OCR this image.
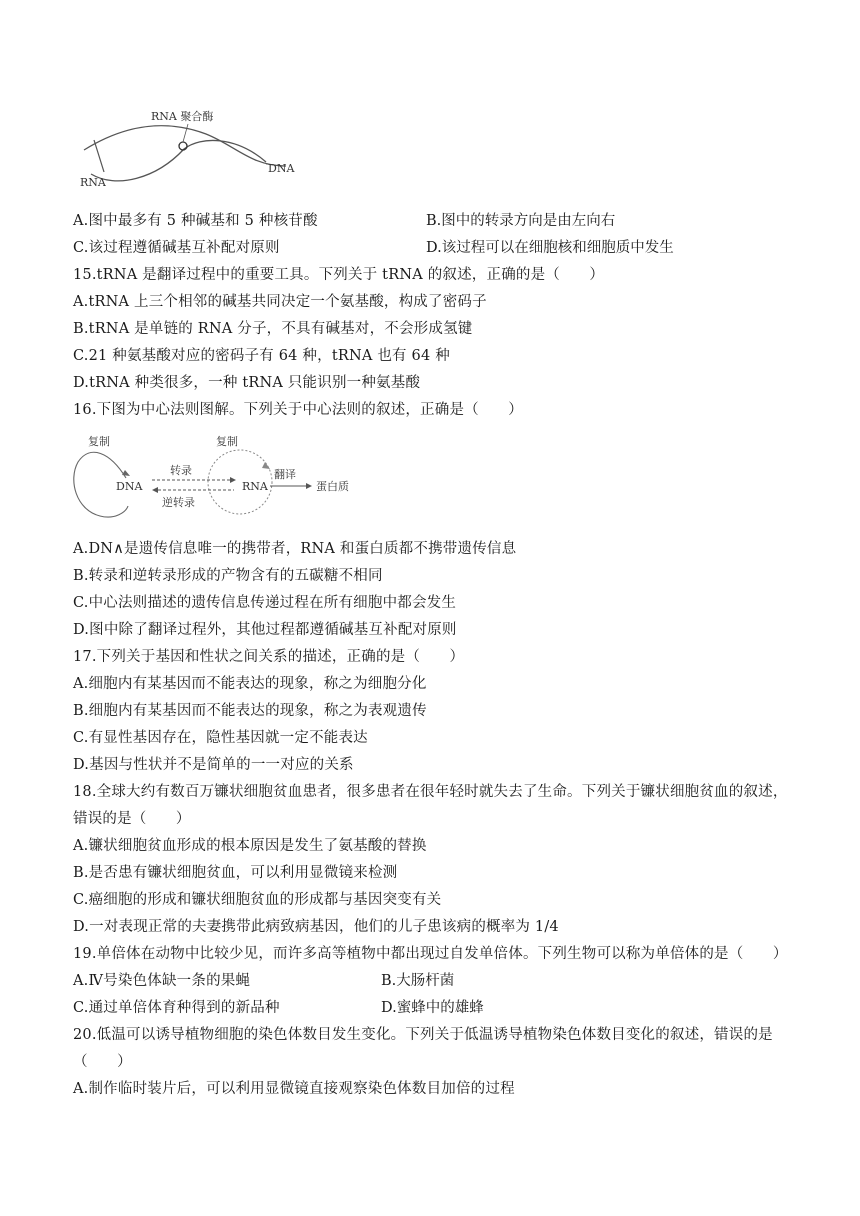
RNA 聚合酶
RNA
DNA
A.图中最多有 5 种碱基和 5 种核苷酸	B.图中的转录方向是由左向右
C.该过程遵循碱基互补配对原则	D.该过程可以在细胞核和细胞质中发生
15.tRNA 是翻译过程中的重要工具。下列关于 tRNA 的叙述，正确的是（　　）
A.tRNA 上三个相邻的碱基共同决定一个氨基酸，构成了密码子
B.tRNA 是单链的 RNA 分子，不具有碱基对，不会形成氢键
C.21 种氨基酸对应的密码子有 64 种，tRNA 也有 64 种
D.tRNA 种类很多，一种 tRNA 只能识别一种氨基酸
16.下图为中心法则图解。下列关于中心法则的叙述，正确是（　　）
复制	复制
转录
逆转录
翻译
DNA	RNA	蛋白质
A.DN∧是遗传信息唯一的携带者，RNA 和蛋白质都不携带遗传信息
B.转录和逆转录形成的产物含有的五碳糖不相同
C.中心法则描述的遗传信息传递过程在所有细胞中都会发生
D.图中除了翻译过程外，其他过程都遵循碱基互补配对原则
17.下列关于基因和性状之间关系的描述，正确的是（　　）
A.细胞内有某基因而不能表达的现象，称之为细胞分化
B.细胞内有某基因而不能表达的现象，称之为表观遗传
C.有显性基因存在，隐性基因就一定不能表达
D.基因与性状并不是简单的一一对应的关系
18.全球大约有数百万镰状细胞贫血患者，很多患者在很年轻时就失去了生命。下列关于镰状细胞贫血的叙述，
错误的是（　　）
A.镰状细胞贫血形成的根本原因是发生了氨基酸的替换
B.是否患有镰状细胞贫血，可以利用显微镜来检测
C.癌细胞的形成和镰状细胞贫血的形成都与基因突变有关
D.一对表现正常的夫妻携带此病致病基因，他们的儿子患该病的概率为 1/4
19.单倍体在动物中比较少见，而许多高等植物中都出现过自发单倍体。下列生物可以称为单倍体的是（　　）
A.Ⅳ号染色体缺一条的果蝇	B.大肠杆菌
C.通过单倍体育种得到的新品种	D.蜜蜂中的雄蜂
20.低温可以诱导植物细胞的染色体数目发生变化。下列关于低温诱导植物染色体数目变化的叙述，错误的是
（　　）
A.制作临时装片后，可以利用显微镜直接观察染色体数目加倍的过程
